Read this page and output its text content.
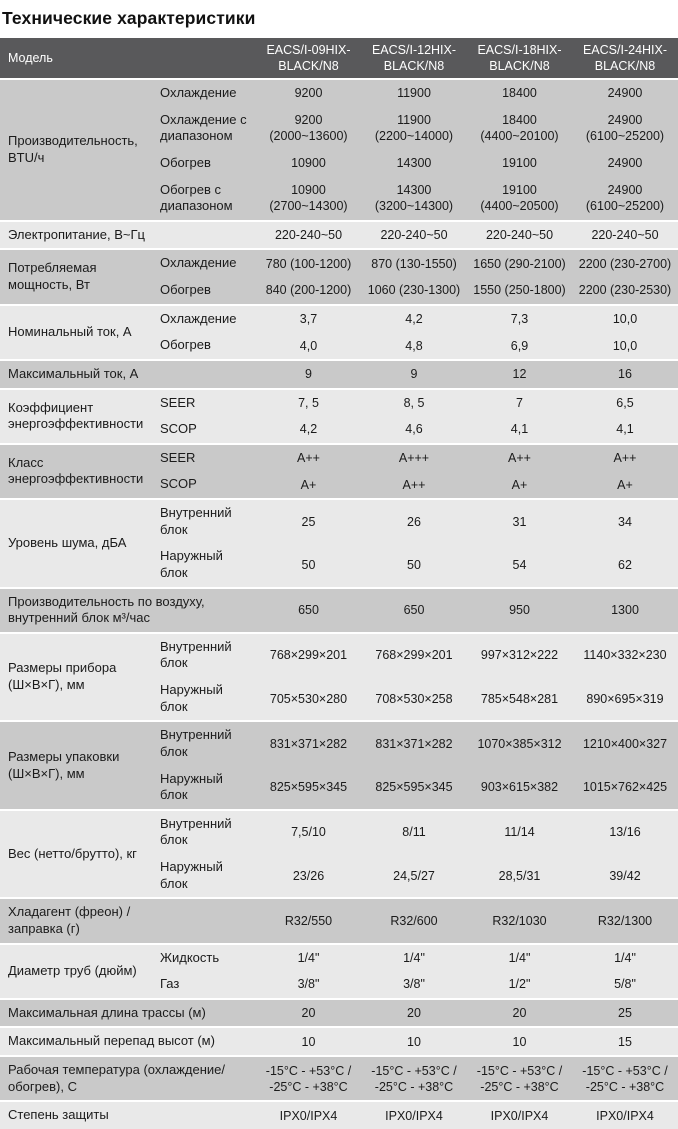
Технические характеристики
Модель		EACS/I-09HIX-BLACK/N8	EACS/I-12HIX-BLACK/N8	EACS/I-18HIX-BLACK/N8	EACS/I-24HIX-BLACK/N8
Производительность, BTU/ч	Охлаждение	9200	11900	18400	24900
	Охлаждение с диапазоном	9200 (2000~13600)	11900 (2200~14000)	18400 (4400~20100)	24900 (6100~25200)
	Обогрев	10900	14300	19100	24900
	Обогрев с диапазоном	10900 (2700~14300)	14300 (3200~14300)	19100 (4400~20500)	24900 (6100~25200)
Электропитание, В~Гц		220-240~50	220-240~50	220-240~50	220-240~50
Потребляемая мощность, Вт	Охлаждение	780 (100-1200)	870 (130-1550)	1650 (290-2100)	2200 (230-2700)
	Обогрев	840 (200-1200)	1060 (230-1300)	1550 (250-1800)	2200 (230-2530)
Номинальный ток, А	Охлаждение	3,7	4,2	7,3	10,0
	Обогрев	4,0	4,8	6,9	10,0
Максимальный ток, А		9	9	12	16
Коэффициент энергоэффективности	SEER	7, 5	8, 5	7	6,5
	SCOP	4,2	4,6	4,1	4,1
Класс энергоэффективности	SEER	A++	A+++	A++	A++
	SCOP	A+	A++	A+	A+
Уровень шума, дБА	Внутренний блок	25	26	31	34
	Наружный блок	50	50	54	62
Производительность по воздуху, внутренний блок м³/час		650	650	950	1300
Размеры прибора (Ш×В×Г), мм	Внутренний блок	768×299×201	768×299×201	997×312×222	1140×332×230
	Наружный блок	705×530×280	708×530×258	785×548×281	890×695×319
Размеры упаковки (Ш×В×Г), мм	Внутренний блок	831×371×282	831×371×282	1070×385×312	1210×400×327
	Наружный блок	825×595×345	825×595×345	903×615×382	1015×762×425
Вес (нетто/брутто), кг	Внутренний блок	7,5/10	8/11	11/14	13/16
	Наружный блок	23/26	24,5/27	28,5/31	39/42
Хладагент (фреон) / заправка (г)		R32/550	R32/600	R32/1030	R32/1300
Диаметр труб (дюйм)	Жидкость	1/4"	1/4"	1/4"	1/4"
	Газ	3/8"	3/8"	1/2"	5/8"
Максимальная длина трассы (м)		20	20	20	25
Максимальный перепад высот (м)		10	10	10	15
Рабочая температура (охлаждение/обогрев), С		-15°C - +53°C / -25°C - +38°C	-15°C - +53°C / -25°C - +38°C	-15°C - +53°C / -25°C - +38°C	-15°C - +53°C / -25°C - +38°C
Степень защиты		IPX0/IPX4	IPX0/IPX4	IPX0/IPX4	IPX0/IPX4
